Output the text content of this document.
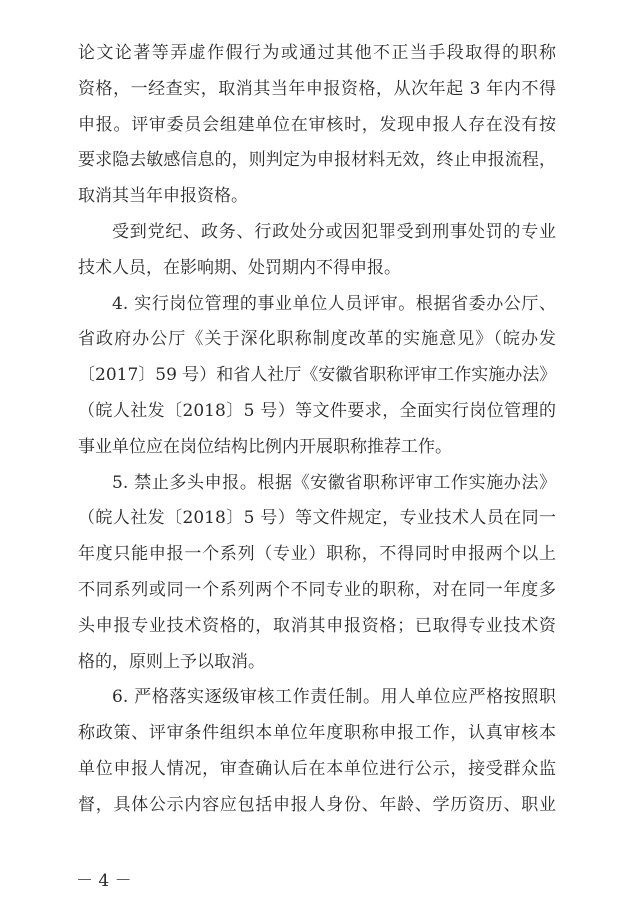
论文论著等弄虚作假行为或通过其他不正当手段取得的职称
资格，一经查实，取消其当年申报资格，从次年起 3 年内不得
申报。评审委员会组建单位在审核时，发现申报人存在没有按
要求隐去敏感信息的，则判定为申报材料无效，终止申报流程，
取消其当年申报资格。
受到党纪、政务、行政处分或因犯罪受到刑事处罚的专业
技术人员，在影响期、处罚期内不得申报。
4. 实行岗位管理的事业单位人员评审。根据省委办公厅、
省政府办公厅《关于深化职称制度改革的实施意见》（皖办发
〔2017〕59 号）和省人社厅《安徽省职称评审工作实施办法》
（皖人社发〔2018〕5 号）等文件要求，全面实行岗位管理的
事业单位应在岗位结构比例内开展职称推荐工作。
5. 禁止多头申报。根据《安徽省职称评审工作实施办法》
（皖人社发〔2018〕5 号）等文件规定，专业技术人员在同一
年度只能申报一个系列（专业）职称，不得同时申报两个以上
不同系列或同一个系列两个不同专业的职称，对在同一年度多
头申报专业技术资格的，取消其申报资格；已取得专业技术资
格的，原则上予以取消。
6. 严格落实逐级审核工作责任制。用人单位应严格按照职
称政策、评审条件组织本单位年度职称申报工作，认真审核本
单位申报人情况，审查确认后在本单位进行公示，接受群众监
督，具体公示内容应包括申报人身份、年龄、学历资历、职业
－ 4 －
